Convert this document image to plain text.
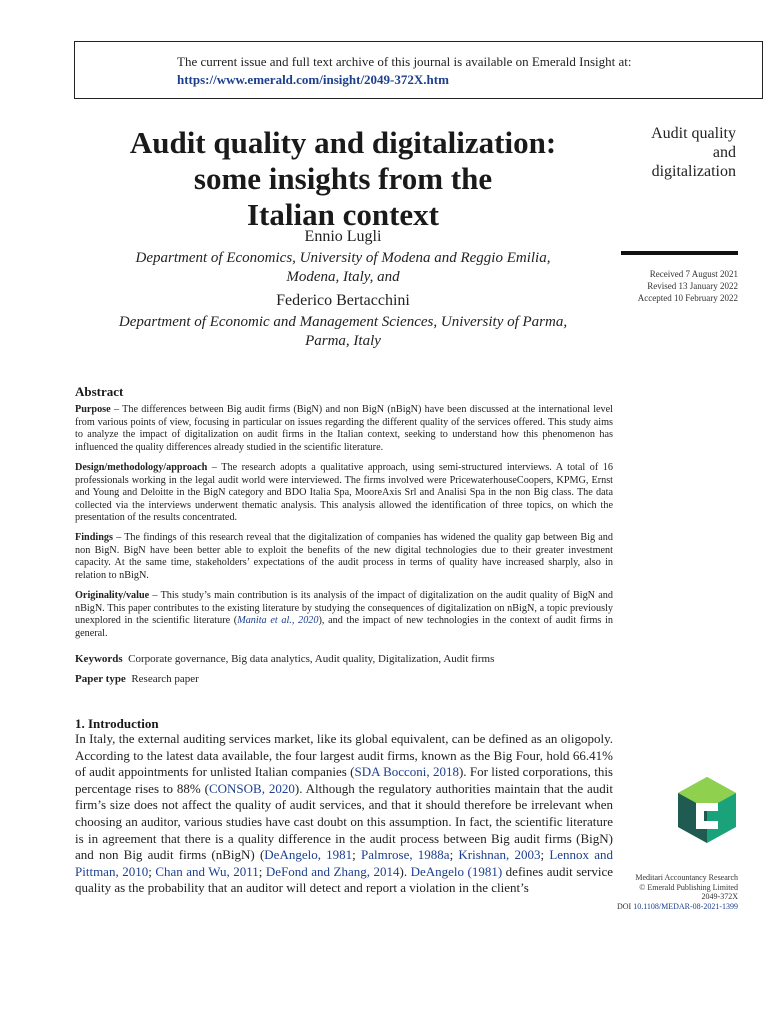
The current issue and full text archive of this journal is available on Emerald Insight at:
https://www.emerald.com/insight/2049-372X.htm
Audit quality and digitalization:
some insights from the
Italian context
Ennio Lugli
Department of Economics, University of Modena and Reggio Emilia,
Modena, Italy, and
Federico Bertacchini
Department of Economic and Management Sciences, University of Parma,
Parma, Italy
Audit quality
and
digitalization
Received 7 August 2021
Revised 13 January 2022
Accepted 10 February 2022
Abstract
Purpose – The differences between Big audit firms (BigN) and non BigN (nBigN) have been discussed at the international level from various points of view, focusing in particular on issues regarding the different quality of the services offered. This study aims to analyze the impact of digitalization on audit firms in the Italian context, seeking to understand how this phenomenon has influenced the quality differences already studied in the scientific literature.
Design/methodology/approach – The research adopts a qualitative approach, using semi-structured interviews. A total of 16 professionals working in the legal audit world were interviewed. The firms involved were PricewaterhouseCoopers, KPMG, Ernst and Young and Deloitte in the BigN category and BDO Italia Spa, MooreAxis Srl and Analisi Spa in the non Big class. The data collected via the interviews underwent thematic analysis. This analysis allowed the identification of three topics, on which the presentation of the results concentrated.
Findings – The findings of this research reveal that the digitalization of companies has widened the quality gap between Big and non BigN. BigN have been better able to exploit the benefits of the new digital technologies due to their greater investment capacity. At the same time, stakeholders’ expectations of the audit process in terms of quality have increased sharply, also in relation to nBigN.
Originality/value – This study’s main contribution is its analysis of the impact of digitalization on the audit quality of BigN and nBigN. This paper contributes to the existing literature by studying the consequences of digitalization on nBigN, a topic previously unexplored in the scientific literature (Manita et al., 2020), and the impact of new technologies in the context of audit firms in general.
Keywords Corporate governance, Big data analytics, Audit quality, Digitalization, Audit firms
Paper type Research paper
1. Introduction
In Italy, the external auditing services market, like its global equivalent, can be defined as an oligopoly. According to the latest data available, the four largest audit firms, known as the Big Four, hold 66.41% of audit appointments for unlisted Italian companies (SDA Bocconi, 2018). For listed corporations, this percentage rises to 88% (CONSOB, 2020). Although the regulatory authorities maintain that the audit firm’s size does not affect the quality of audit services, and that it should therefore be irrelevant when choosing an auditor, various studies have cast doubt on this assumption. In fact, the scientific literature is in agreement that there is a quality difference in the audit process between Big audit firms (BigN) and non Big audit firms (nBigN) (DeAngelo, 1981; Palmrose, 1988a; Krishnan, 2003; Lennox and Pittman, 2010; Chan and Wu, 2011; DeFond and Zhang, 2014). DeAngelo (1981) defines audit service quality as the probability that an auditor will detect and report a violation in the client’s
Meditari Accountancy Research
© Emerald Publishing Limited
2049-372X
DOI 10.1108/MEDAR-08-2021-1399
